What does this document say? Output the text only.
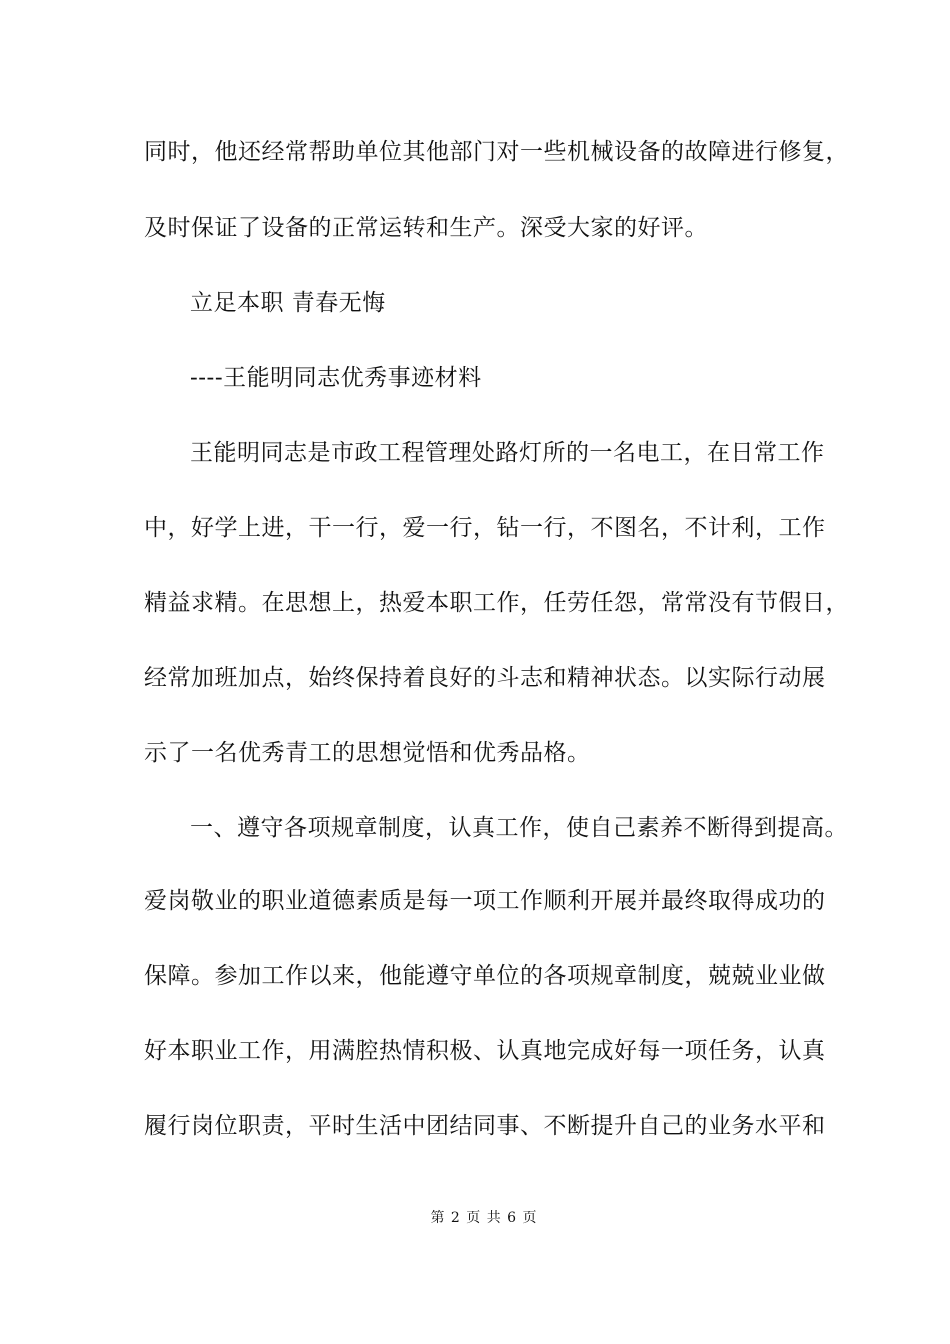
同时，他还经常帮助单位其他部门对一些机械设备的故障进行修复，
及时保证了设备的正常运转和生产。深受大家的好评。
立足本职 青春无悔
----王能明同志优秀事迹材料
王能明同志是市政工程管理处路灯所的一名电工，在日常工作
中，好学上进，干一行，爱一行，钻一行，不图名，不计利，工作
精益求精。在思想上，热爱本职工作，任劳任怨，常常没有节假日，
经常加班加点，始终保持着良好的斗志和精神状态。以实际行动展
示了一名优秀青工的思想觉悟和优秀品格。
一、遵守各项规章制度，认真工作，使自己素养不断得到提高。
爱岗敬业的职业道德素质是每一项工作顺利开展并最终取得成功的
保障。参加工作以来，他能遵守单位的各项规章制度，兢兢业业做
好本职业工作，用满腔热情积极、认真地完成好每一项任务，认真
履行岗位职责，平时生活中团结同事、不断提升自己的业务水平和
第 2 页 共 6 页
